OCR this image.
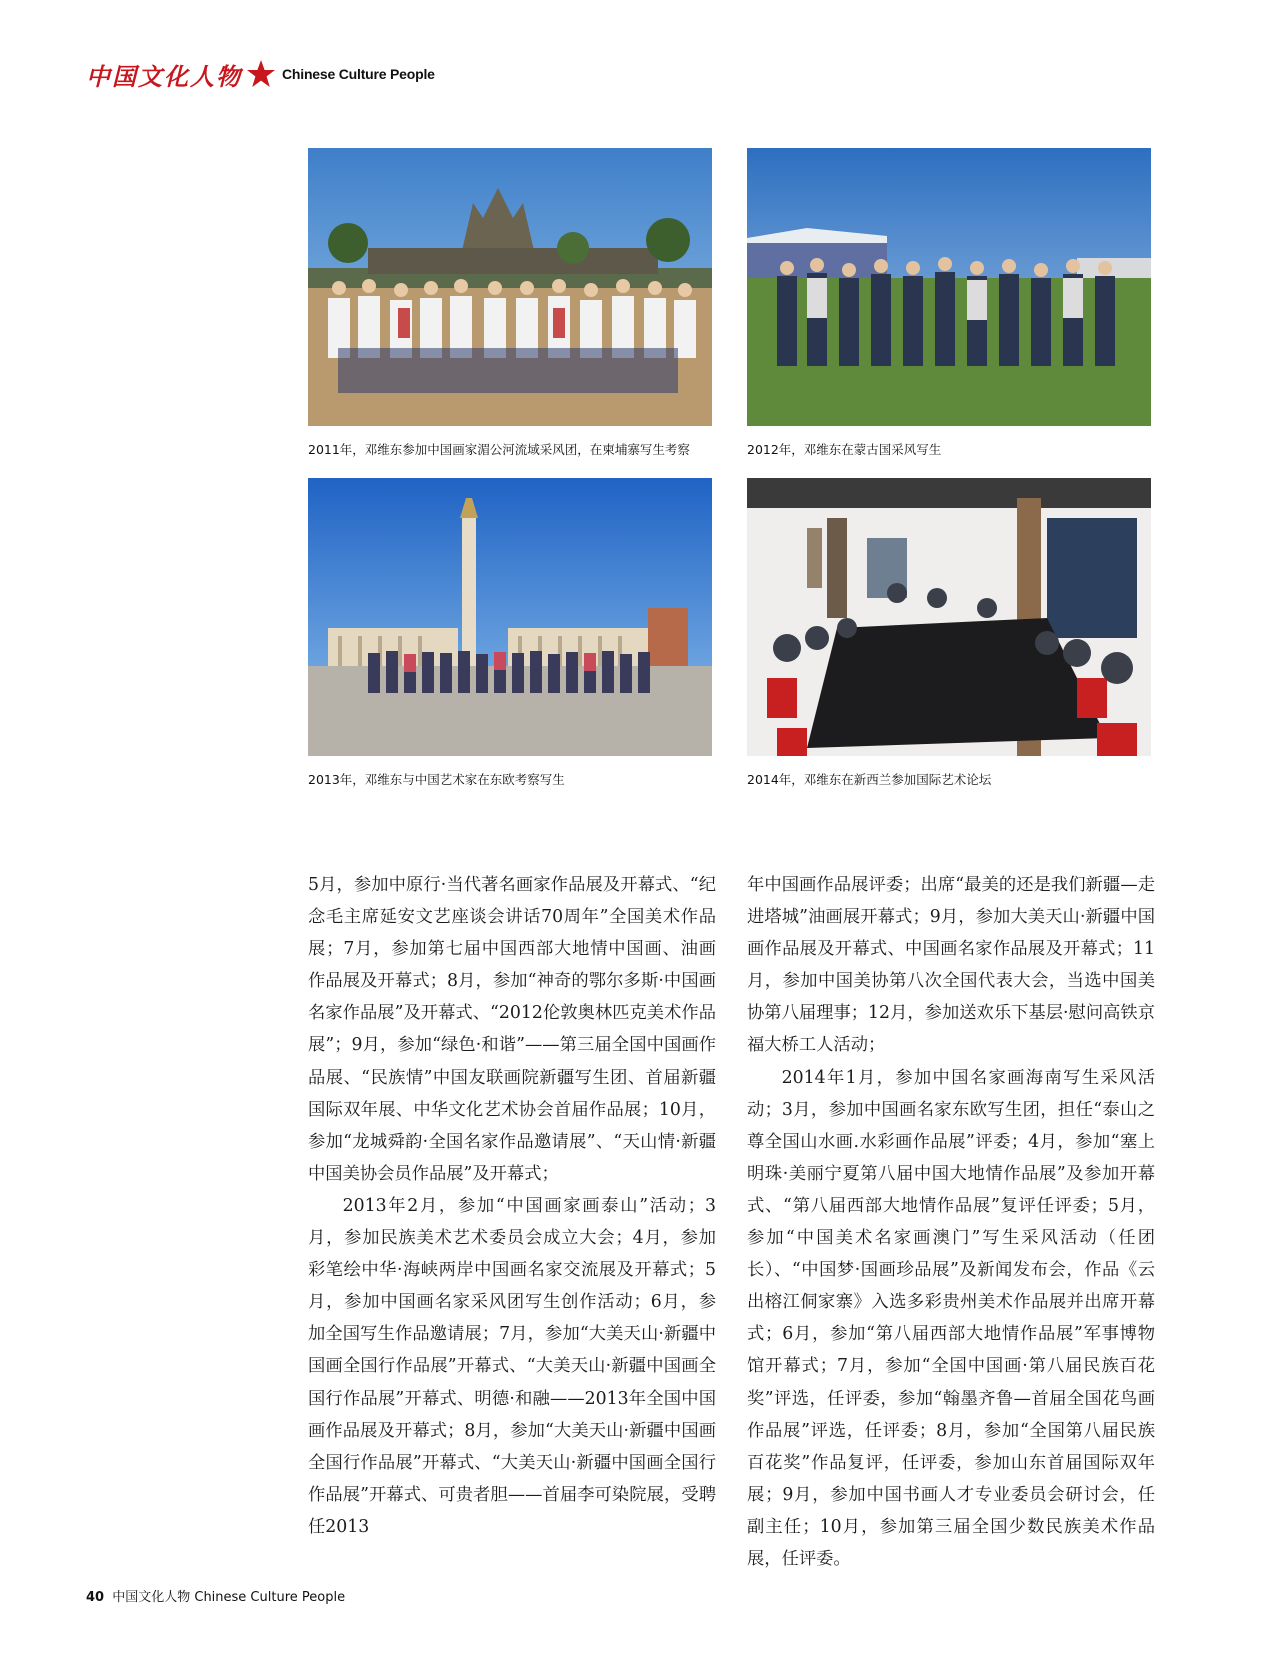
中国文化人物	Chinese Culture People
2011年，邓维东参加中国画家湄公河流域采风团，在柬埔寨写生考察	2012年，邓维东在蒙古国采风写生
2013年，邓维东与中国艺术家在东欧考察写生	2014年，邓维东在新西兰参加国际艺术论坛

5月，参加中原行·当代著名画家作品展及开幕式、“纪念毛主席延安文艺座谈会讲话70周年”全国美术作品展；7月，参加第七届中国西部大地情中国画、油画作品展及开幕式；8月，参加“神奇的鄂尔多斯·中国画名家作品展”及开幕式、“2012伦敦奥林匹克美术作品展”；9月，参加“绿色·和谐”——第三届全国中国画作品展、“民族情”中国友联画院新疆写生团、首届新疆国际双年展、中华文化艺术协会首届作品展；10月，参加“龙城舜韵·全国名家作品邀请展”、“天山情·新疆中国美协会员作品展”及开幕式；

2013年2月，参加“中国画家画泰山”活动；3月，参加民族美术艺术委员会成立大会；4月，参加彩笔绘中华·海峡两岸中国画名家交流展及开幕式；5月，参加中国画名家采风团写生创作活动；6月，参加全国写生作品邀请展；7月，参加“大美天山·新疆中国画全国行作品展”开幕式、“大美天山·新疆中国画全国行作品展”开幕式、明德·和融——2013年全国中国画作品展及开幕式；8月，参加“大美天山·新疆中国画全国行作品展”开幕式、“大美天山·新疆中国画全国行作品展”开幕式、可贵者胆——首届李可染院展，受聘任2013

年中国画作品展评委；出席“最美的还是我们新疆—走进塔城”油画展开幕式；9月，参加大美天山·新疆中国画作品展及开幕式、中国画名家作品展及开幕式；11月，参加中国美协第八次全国代表大会，当选中国美协第八届理事；12月，参加送欢乐下基层·慰问高铁京福大桥工人活动；

2014年1月，参加中国名家画海南写生采风活动；3月，参加中国画名家东欧写生团，担任“泰山之尊全国山水画.水彩画作品展”评委；4月，参加“塞上明珠·美丽宁夏第八届中国大地情作品展”及参加开幕式、“第八届西部大地情作品展”复评任评委；5月，参加“中国美术名家画澳门”写生采风活动（任团长）、“中国梦·国画珍品展”及新闻发布会，作品《云出榕江侗家寨》入选多彩贵州美术作品展并出席开幕式；6月，参加“第八届西部大地情作品展”军事博物馆开幕式；7月，参加“全国中国画·第八届民族百花奖”评选，任评委，参加“翰墨齐鲁—首届全国花鸟画作品展”评选，任评委；8月，参加“全国第八届民族百花奖”作品复评，任评委，参加山东首届国际双年展；9月，参加中国书画人才专业委员会研讨会，任副主任；10月，参加第三届全国少数民族美术作品展，任评委。

40 中国文化人物 Chinese Culture People
